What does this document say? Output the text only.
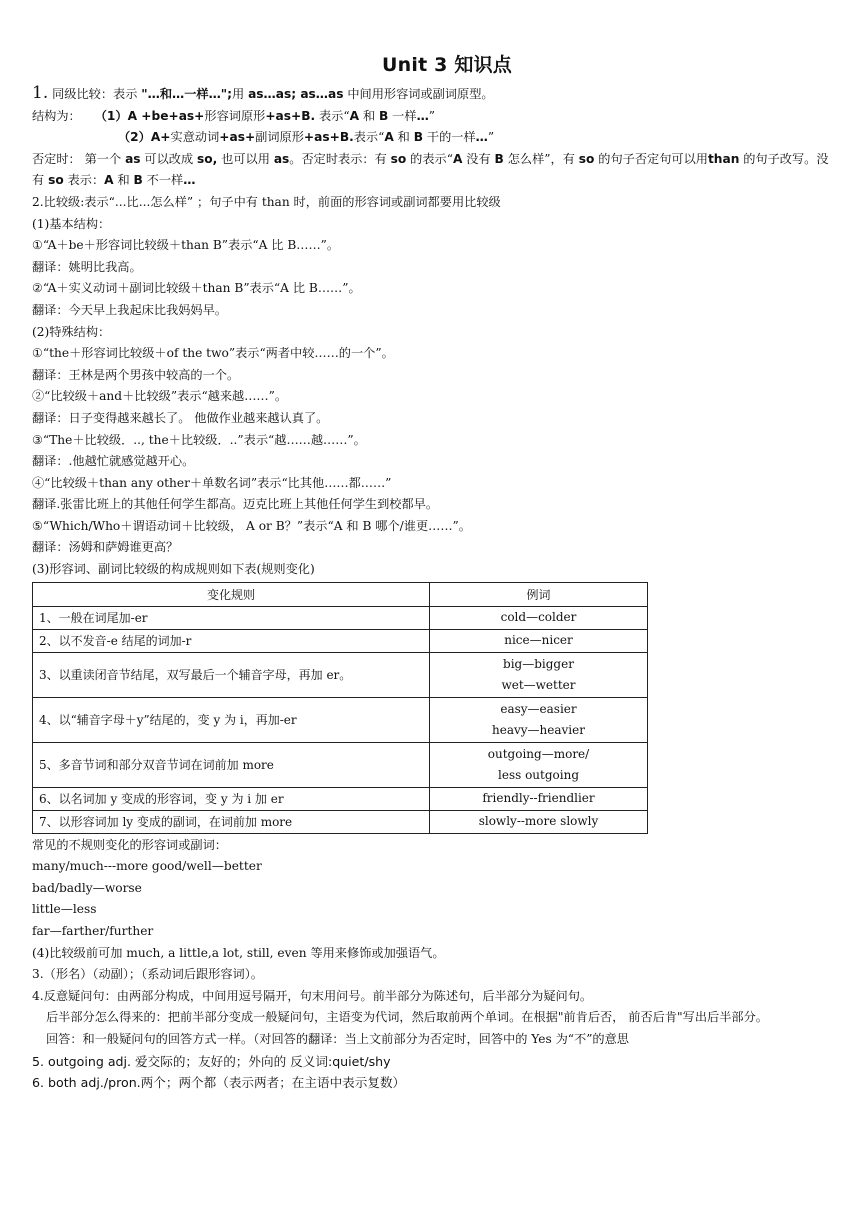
Unit 3 知识点
1. 同级比较：表示 "…和…一样…";用 as…as; as…as 中间用形容词或副词原型。
结构为： （1）A +be+as+形容词原形+as+B. 表示“A 和 B 一样…”
（2）A+实意动词+as+副词原形+as+B.表示“A 和 B 干的一样…”
否定时： 第一个 as 可以改成 so, 也可以用 as。否定时表示：有 so 的表示“A 没有 B 怎么样”，有 so 的句子否定句可以用than 的句子改写。没有 so 表示：A 和 B 不一样…
2.比较级:表示“...比...怎么样” ；句子中有 than 时，前面的形容词或副词都要用比较级
(1)基本结构：
①“A＋be＋形容词比较级＋than B”表示“A 比 B……”。
翻译：姚明比我高。
②“A＋实义动词＋副词比较级＋than B”表示“A 比 B……”。
翻译：今天早上我起床比我妈妈早。
(2)特殊结构：
①“the＋形容词比较级＋of the two”表示“两者中较……的一个”。
翻译：王林是两个男孩中较高的一个。
②“比较级＋and＋比较级”表示“越来越……”。
翻译：日子变得越来越长了。 他做作业越来越认真了。
③“The＋比较级．.., the＋比较级．..”表示“越……越……”。
翻译：.他越忙就感觉越开心。
④“比较级＋than any other＋单数名词”表示“比其他……都……”
翻译.张雷比班上的其他任何学生都高。迈克比班上其他任何学生到校都早。
⑤“Which/Who＋谓语动词＋比较级， A or B？”表示“A 和 B 哪个/谁更……”。
翻译：汤姆和萨姆谁更高？
(3)形容词、副词比较级的构成规则如下表(规则变化)
变化规则	例词
1、一般在词尾加-er	cold—colder

2、以不发音-e 结尾的词加-r	nice—nicer

3、以重读闭音节结尾，双写最后一个辅音字母，再加 er。	big—bigger
wet—wetter

4、以“辅音字母＋y”结尾的，变 y 为 i，再加-er	easy—easier
heavy—heavier

5、多音节词和部分双音节词在词前加 more	outgoing—more/
less outgoing

6、以名词加 y 变成的形容词，变 y 为 i 加 er	friendly--friendlier

7、以形容词加 ly 变成的副词，在词前加 more	slowly--more slowly
常见的不规则变化的形容词或副词：
many/much---more good/well—better
bad/badly—worse
little—less
far—farther/further
(4)比较级前可加 much, a little,a lot, still, even 等用来修饰或加强语气。
3.（形名）（动副）；（系动词后跟形容词）。
4.反意疑问句：由两部分构成，中间用逗号隔开，句末用问号。前半部分为陈述句，后半部分为疑问句。
后半部分怎么得来的：把前半部分变成一般疑问句，主语变为代词，然后取前两个单词。在根据"前肯后否， 前否后肯"写出后半部分。
回答：和一般疑问句的回答方式一样。（对回答的翻译：当上文前部分为否定时，回答中的 Yes 为“不”的意思
5. outgoing adj. 爱交际的；友好的；外向的 反义词:quiet/shy
6. both adj./pron.两个；两个都（表示两者；在主语中表示复数）
